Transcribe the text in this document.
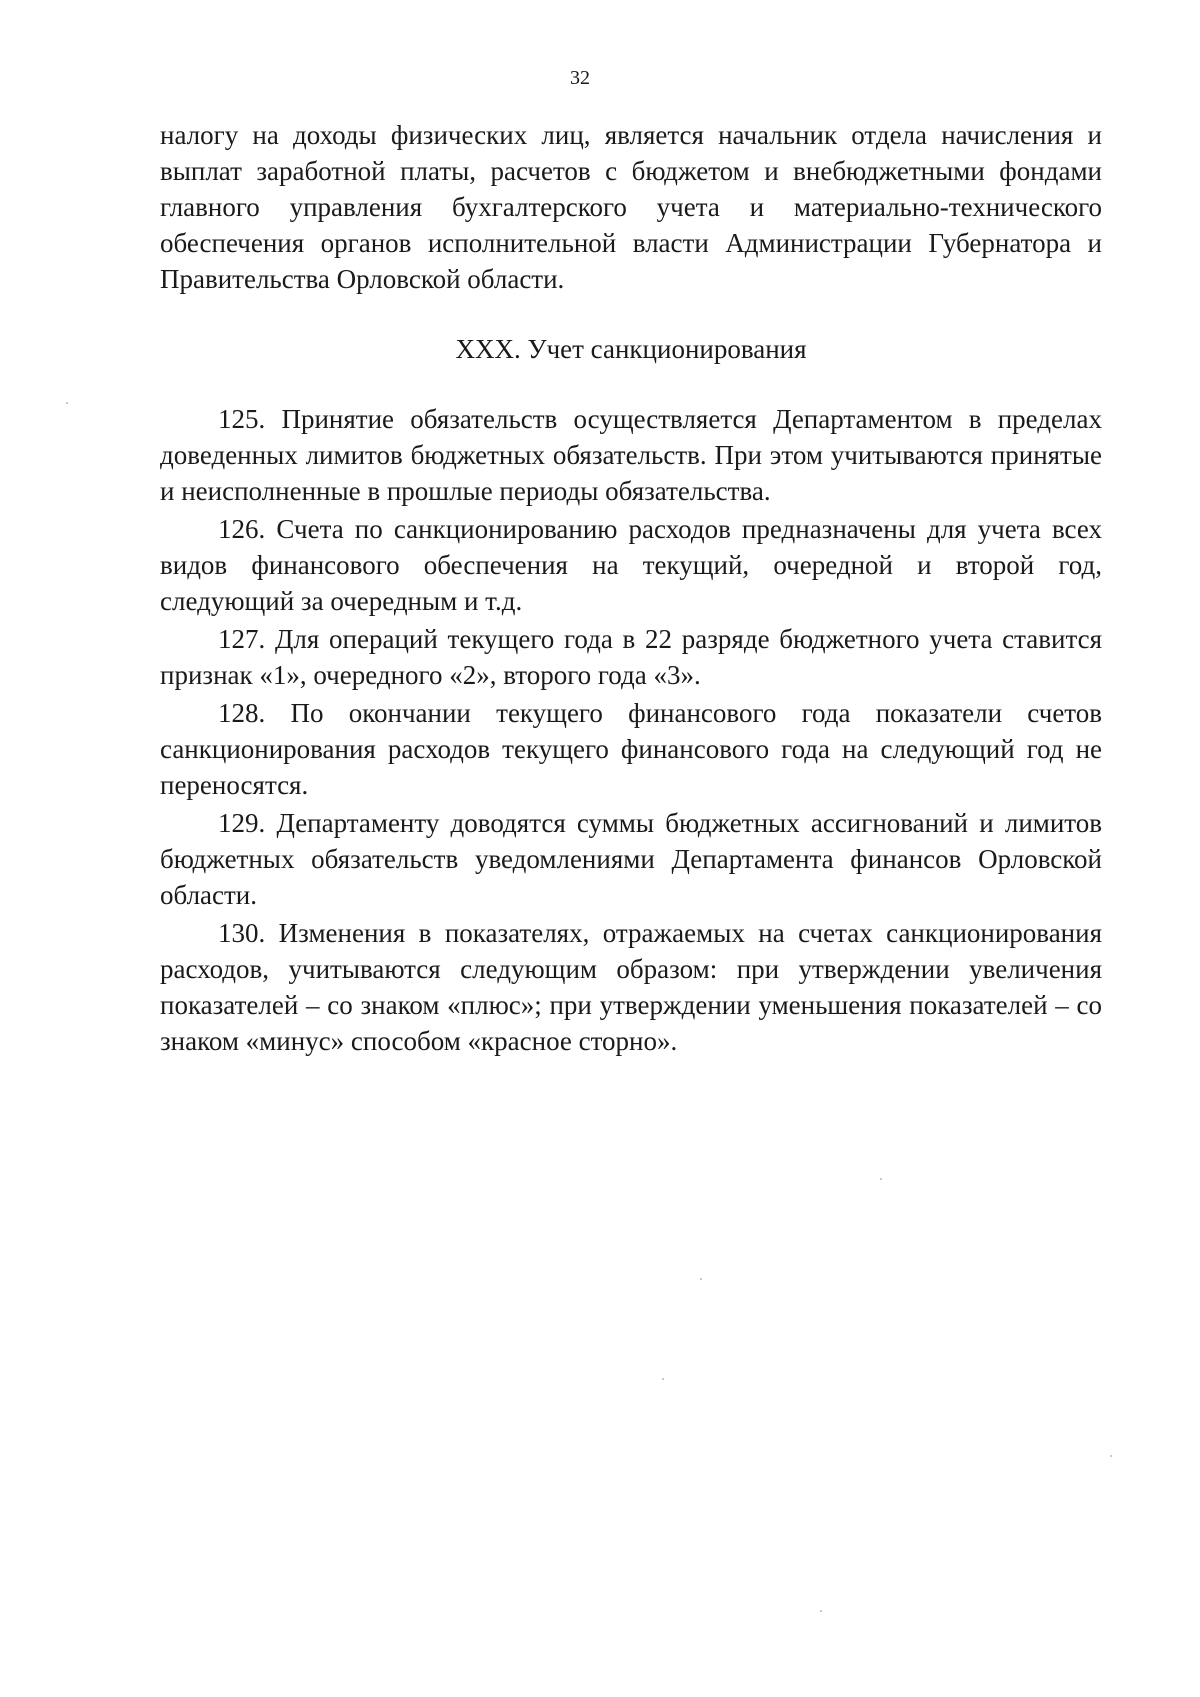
32

налогу на доходы физических лиц, является начальник отдела начисления и выплат заработной платы, расчетов с бюджетом и внебюджетными фондами главного управления бухгалтерского учета и материально-технического обеспечения органов исполнительной власти Администрации Губернатора и Правительства Орловской области.

XXX. Учет санкционирования

125. Принятие обязательств осуществляется Департаментом в пределах доведенных лимитов бюджетных обязательств. При этом учитываются принятые и неисполненные в прошлые периоды обязательства.

126. Счета по санкционированию расходов предназначены для учета всех видов финансового обеспечения на текущий, очередной и второй год, следующий за очередным и т.д.

127. Для операций текущего года в 22 разряде бюджетного учета ставится признак «1», очередного «2», второго года «3».

128. По окончании текущего финансового года показатели счетов санкционирования расходов текущего финансового года на следующий год не переносятся.

129. Департаменту доводятся суммы бюджетных ассигнований и лимитов бюджетных обязательств уведомлениями Департамента финансов Орловской области.

130. Изменения в показателях, отражаемых на счетах санкционирования расходов, учитываются следующим образом: при утверждении увеличения показателей – со знаком «плюс»; при утверждении уменьшения показателей – со знаком «минус» способом «красное сторно».
